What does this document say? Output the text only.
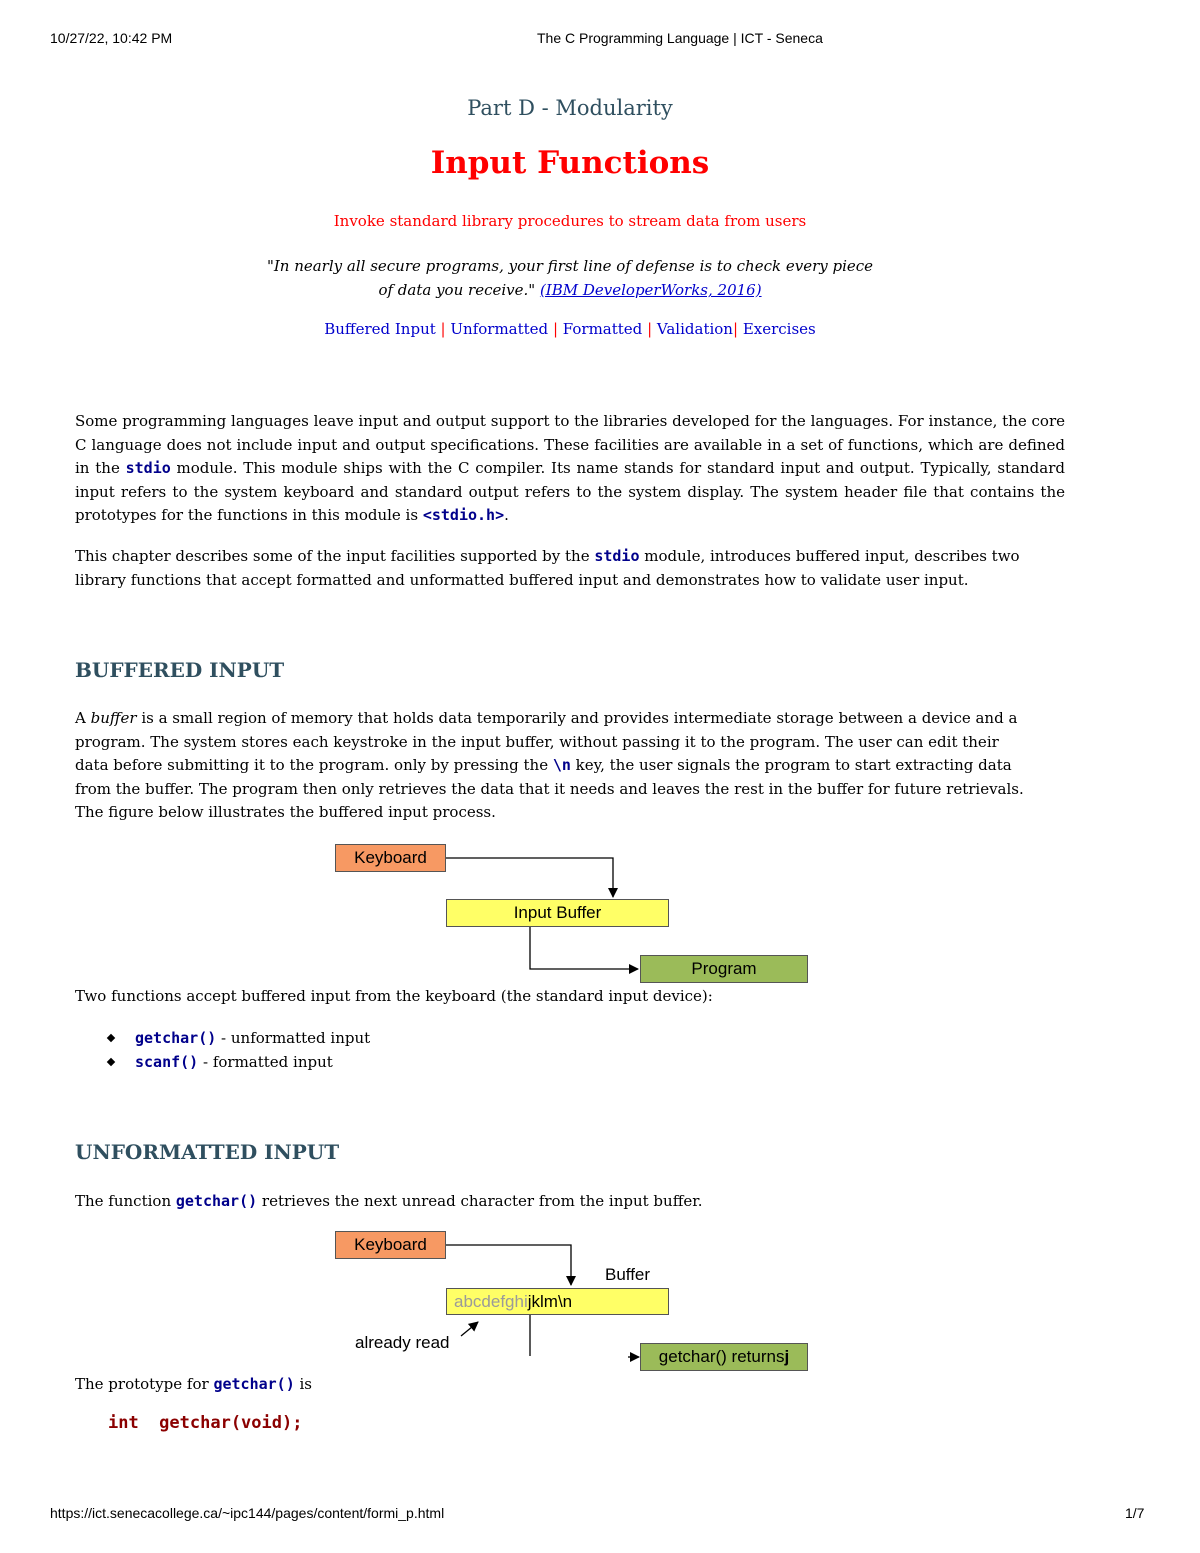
10/27/22, 10:42 PM	The C Programming Language | ICT - Seneca
Part D - Modularity
Input Functions
Invoke standard library procedures to stream data from users
"In nearly all secure programs, your first line of defense is to check every piece
of data you receive." (IBM DeveloperWorks, 2016)
Buffered Input | Unformatted | Formatted | Validation| Exercises
Some programming languages leave input and output support to the libraries developed for the languages. For instance, the core C language does not include input and output specifications. These facilities are available in a set of functions, which are defined in the stdio module. This module ships with the C compiler. Its name stands for standard input and output. Typically, standard input refers to the system keyboard and standard output refers to the system display. The system header file that contains the prototypes for the functions in this module is <stdio.h>.
This chapter describes some of the input facilities supported by the stdio module, introduces buffered input, describes two library functions that accept formatted and unformatted buffered input and demonstrates how to validate user input.
BUFFERED INPUT
A buffer is a small region of memory that holds data temporarily and provides intermediate storage between a device and a program. The system stores each keystroke in the input buffer, without passing it to the program. The user can edit their data before submitting it to the program. only by pressing the \n key, the user signals the program to start extracting data from the buffer. The program then only retrieves the data that it needs and leaves the rest in the buffer for future retrievals. The figure below illustrates the buffered input process.
Keyboard
Input Buffer
Program
Two functions accept buffered input from the keyboard (the standard input device):
getchar() - unformatted input
scanf() - formatted input
UNFORMATTED INPUT
The function getchar() retrieves the next unread character from the input buffer.
Keyboard
Buffer
abcdefghi jklm\n
already read
getchar() returns j
The prototype for getchar() is
int  getchar(void);
https://ict.senecacollege.ca/~ipc144/pages/content/formi_p.html	1/7
